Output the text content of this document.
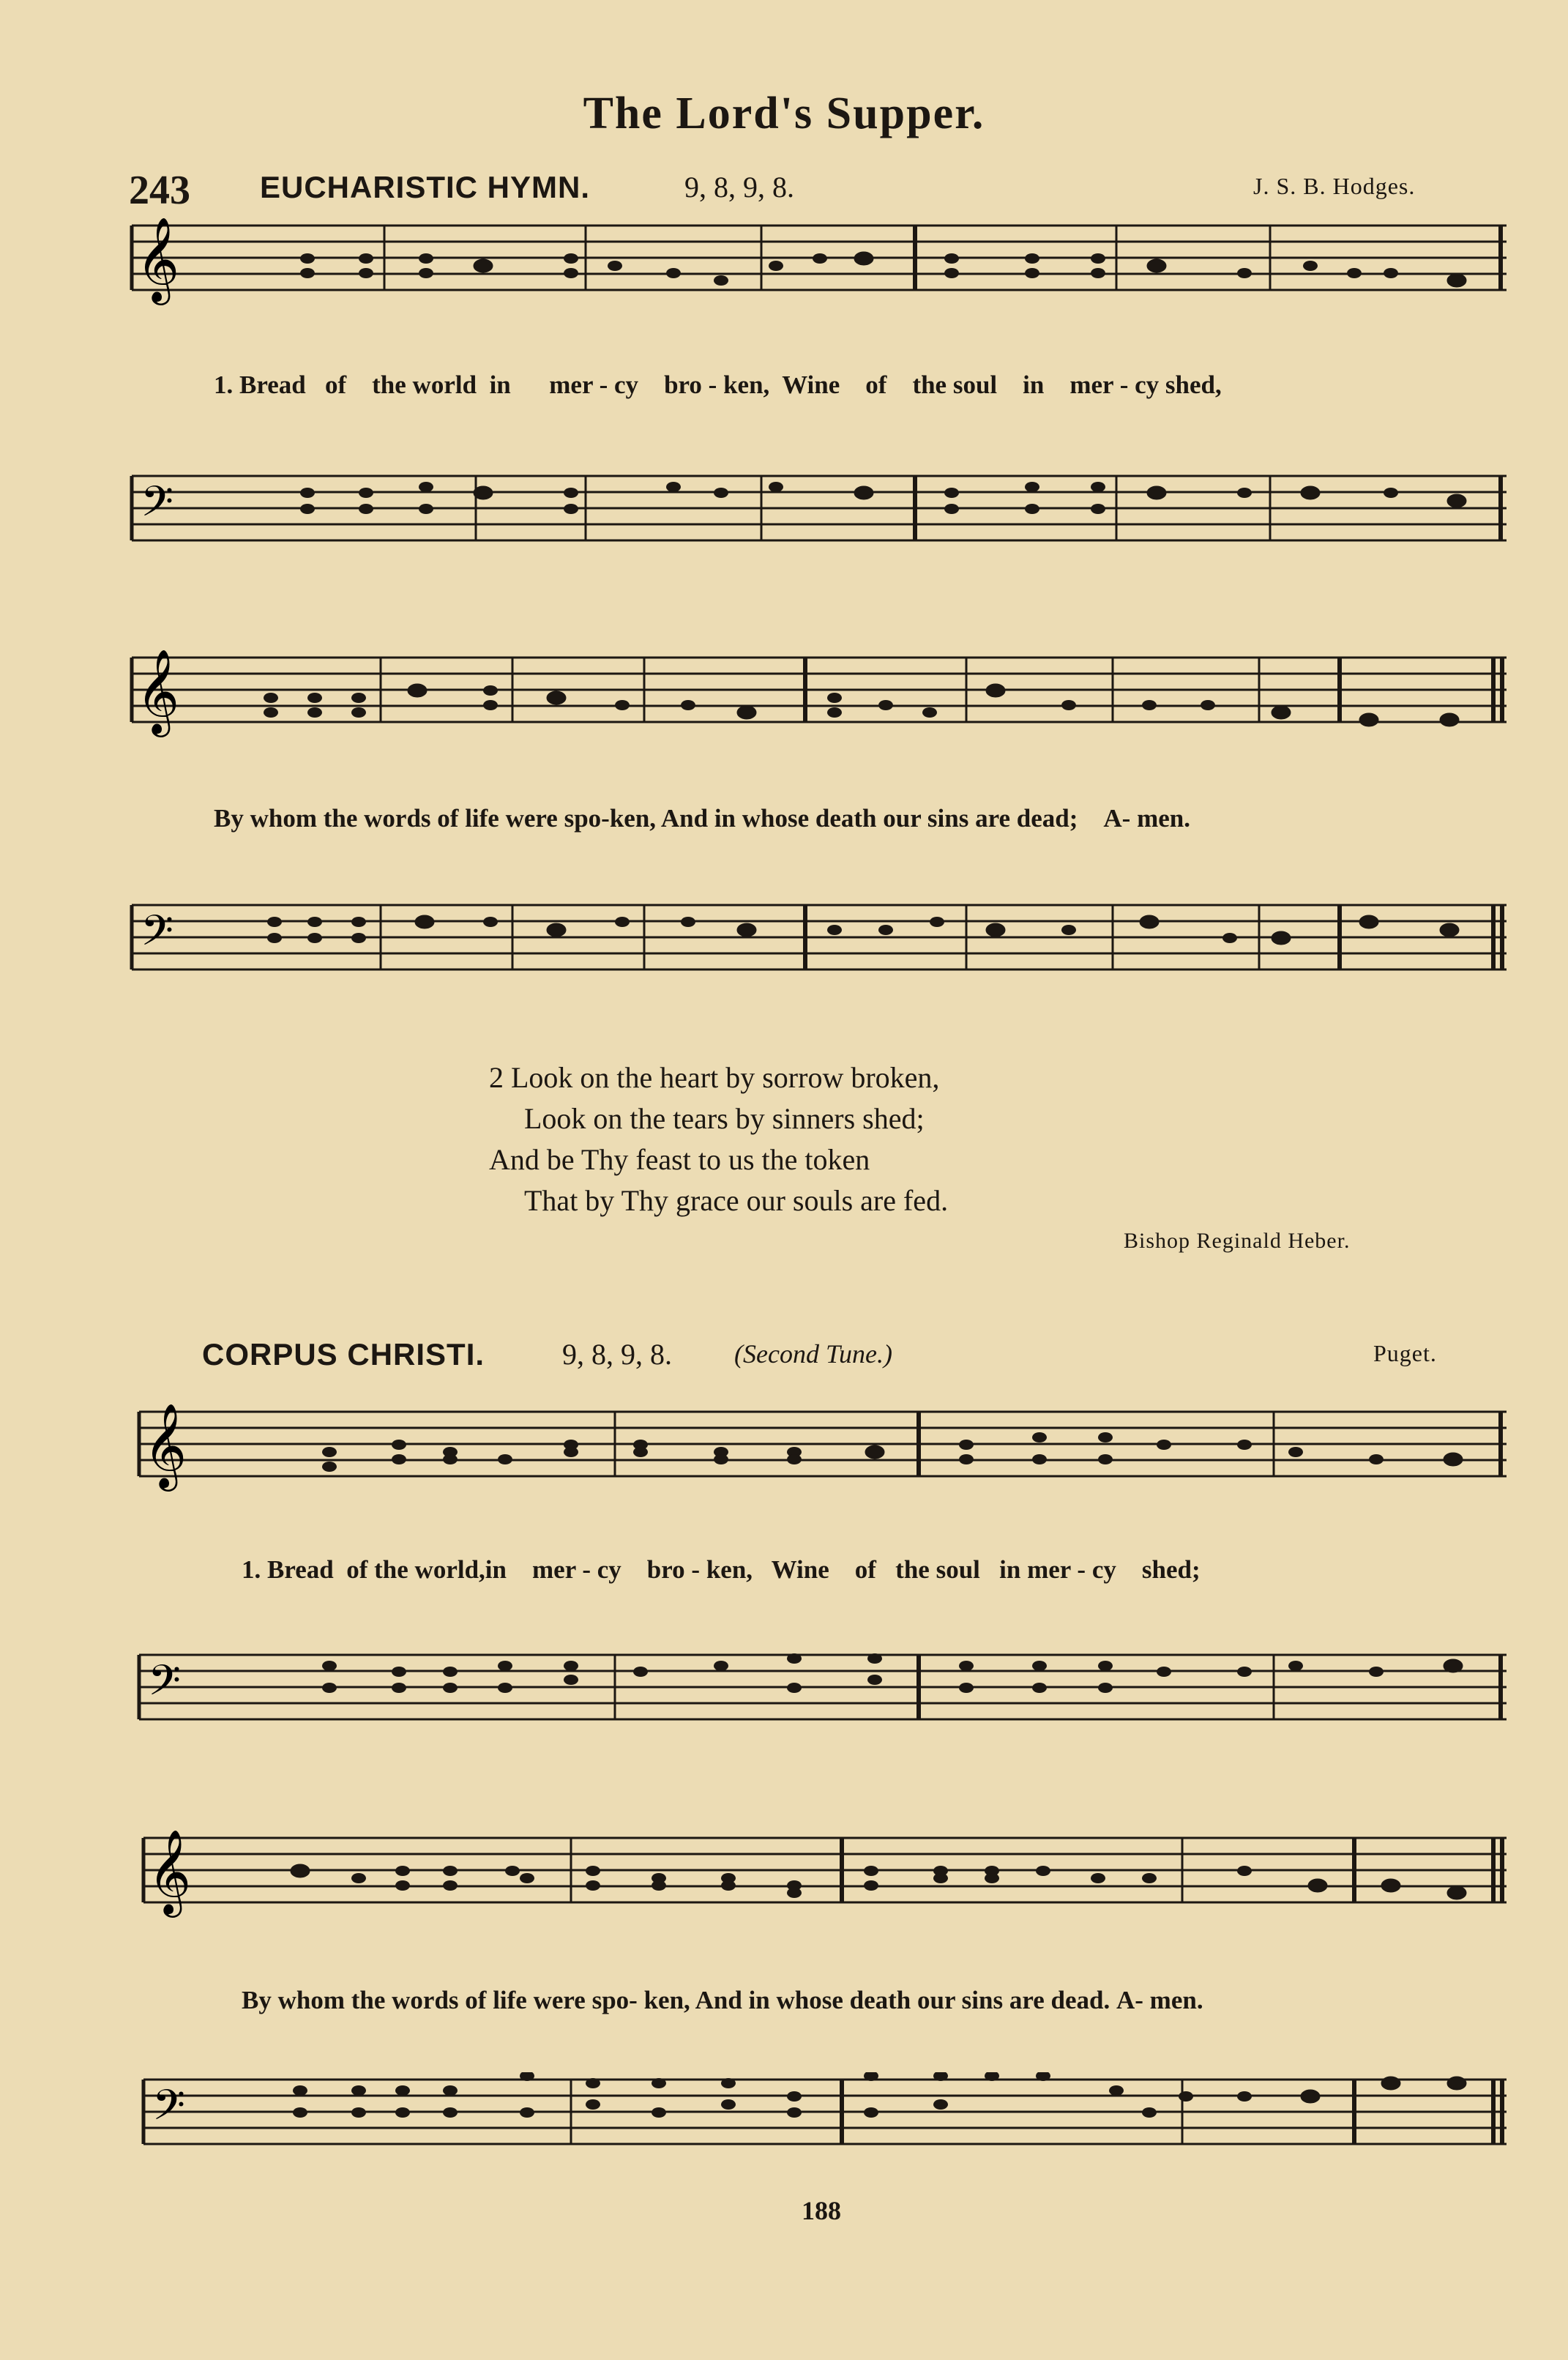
The Lord's Supper.
243 EUCHARISTIC HYMN.	9, 8, 9, 8.	J. S. B. Hodges.
𝄞
1. Bread of the world in mer - cy bro - ken, Wine of the soul in mer - cy shed,
𝄢
𝄞
By whom the words of life were spo-ken, And in whose death our sins are dead; A- men.
𝄢
2 Look on the heart by sorrow broken,
Look on the tears by sinners shed;
And be Thy feast to us the token
That by Thy grace our souls are fed.
Bishop Reginald Heber.
CORPUS CHRISTI.	9, 8, 9, 8. (Second Tune.)	Puget.
𝄞
1. Bread of the world,in mer - cy bro - ken, Wine of the soul in mer - cy shed;
𝄢
𝄞
By whom the words of life were spo- ken, And in whose death our sins are dead. A- men.
𝄢
188
